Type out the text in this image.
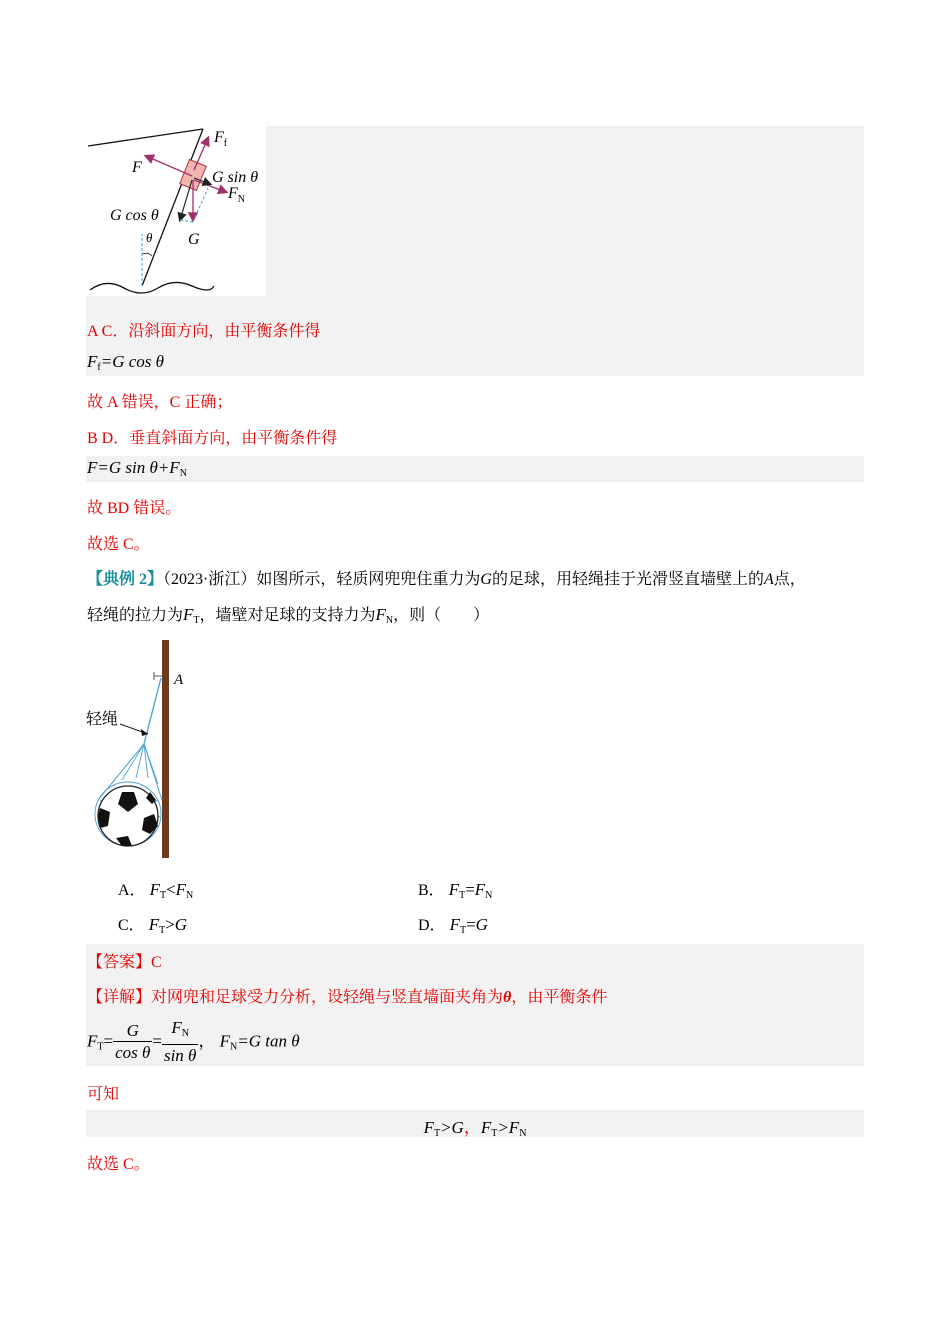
$F_f$
F
G sin θ
$F_N$
G cos θ
θ G
A C．沿斜面方向，由平衡条件得
$F_f=G$ cos θ
故 A 错误，C 正确；
B D．垂直斜面方向，由平衡条件得
F=G $\sin \theta+F_N$
故 BD 错误。
故选 C。
【典例 2】（2023·浙江）如图所示，轻质网兜兜住重力为G的足球，用轻绳挂于光滑竖直墙壁上的A点，
轻绳的拉力为$F_T$，墙壁对足球的支持力为$F_N$，则（　　）
A
轻绳
A． $F_T<F_N$	B． $F_T=F_N$
C． $F_T>G$	D． $F_T=G$
【答案】C
【详解】对网兜和足球受力分析，设轻绳与竖直墙面夹角为θ，由平衡条件
$F_T= \frac{G}{\text{cos θ}} = \frac{F_N}{\text{sin θ}}$ ， $F_N=G$ tan θ
可知
$F_T>G$，$F_T>F_N$
故选 C。
